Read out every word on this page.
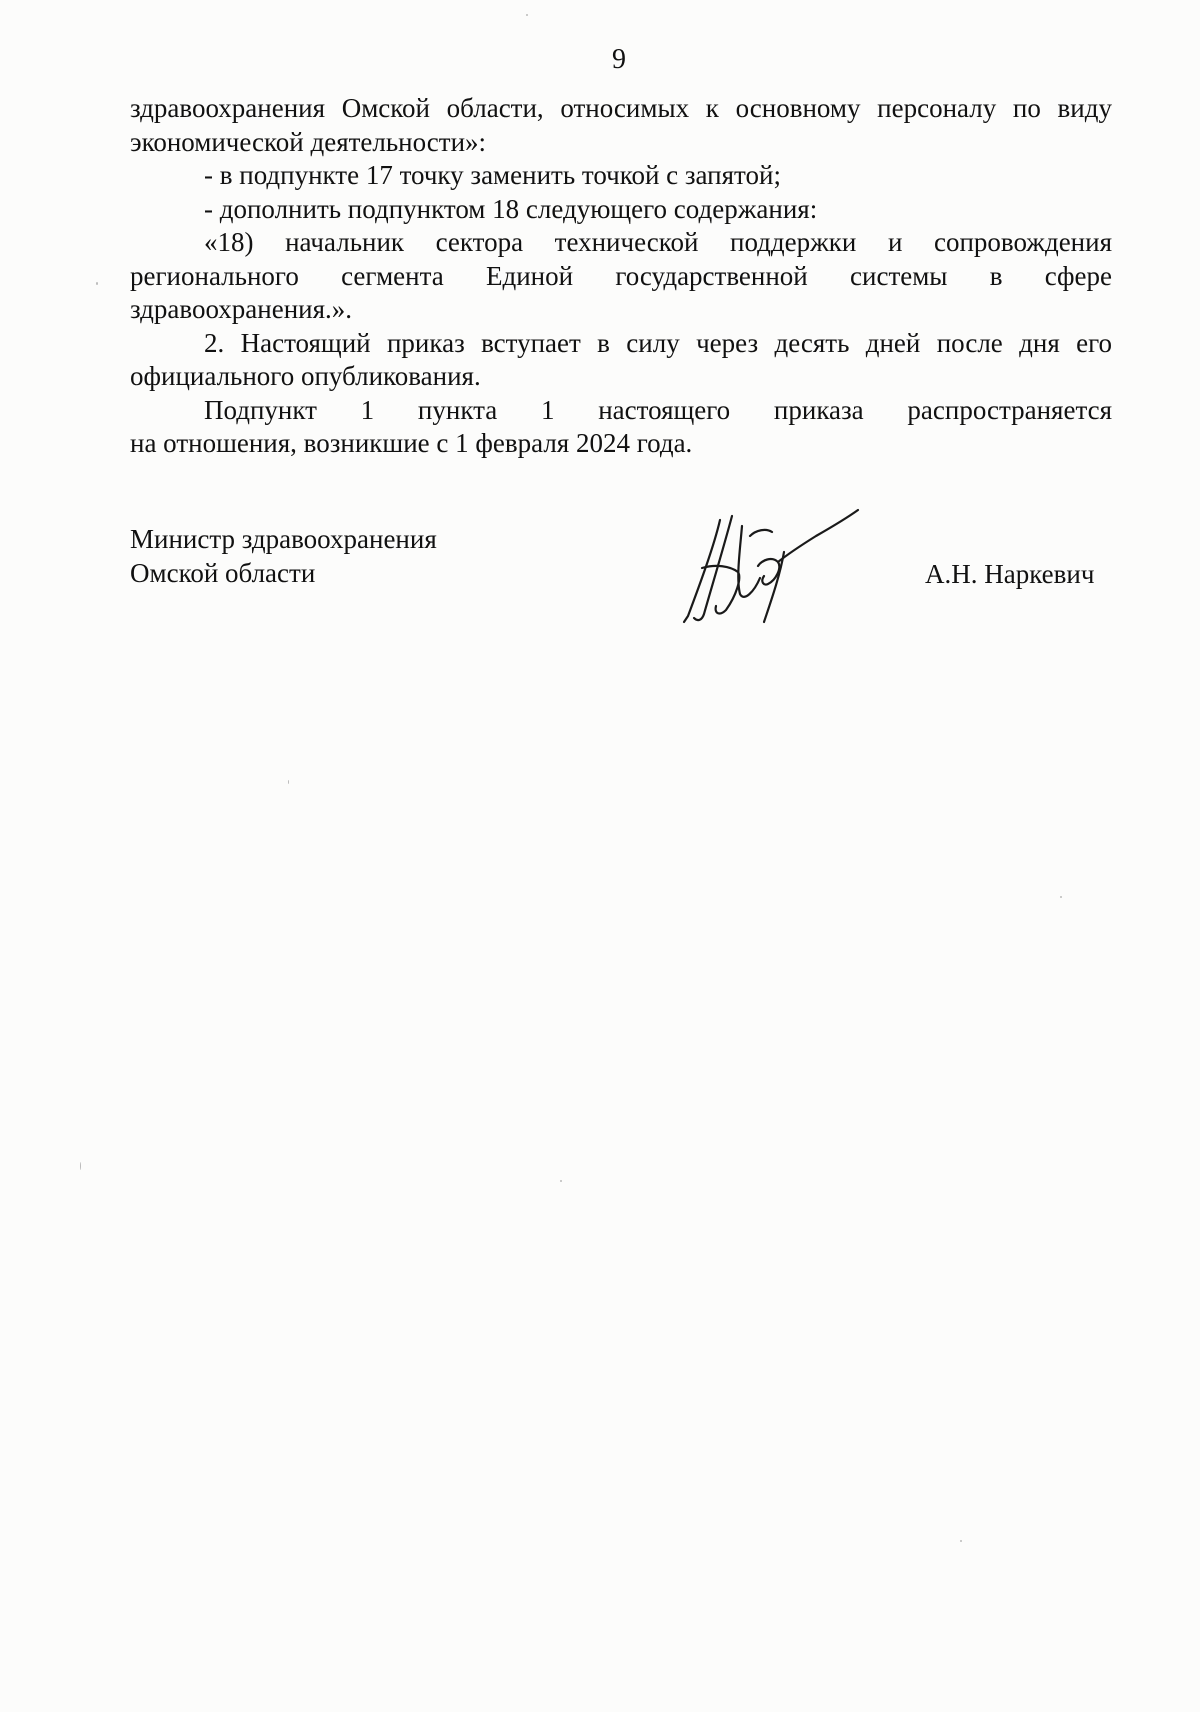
9

здравоохранения Омской области, относимых к основному персоналу по виду

экономической деятельности»:

- в подпункте 17 точку заменить точкой с запятой;

- дополнить подпунктом 18 следующего содержания:

«18) начальник сектора технической поддержки и сопровождения

регионального сегмента Единой государственной системы в сфере

здравоохранения.».

2. Настоящий приказ вступает в силу через десять дней после дня его

официального опубликования.

Подпункт 1 пункта 1 настоящего приказа распространяется

на отношения, возникшие с 1 февраля 2024 года.

Министр здравоохранения
Омской области	А.Н. Наркевич
